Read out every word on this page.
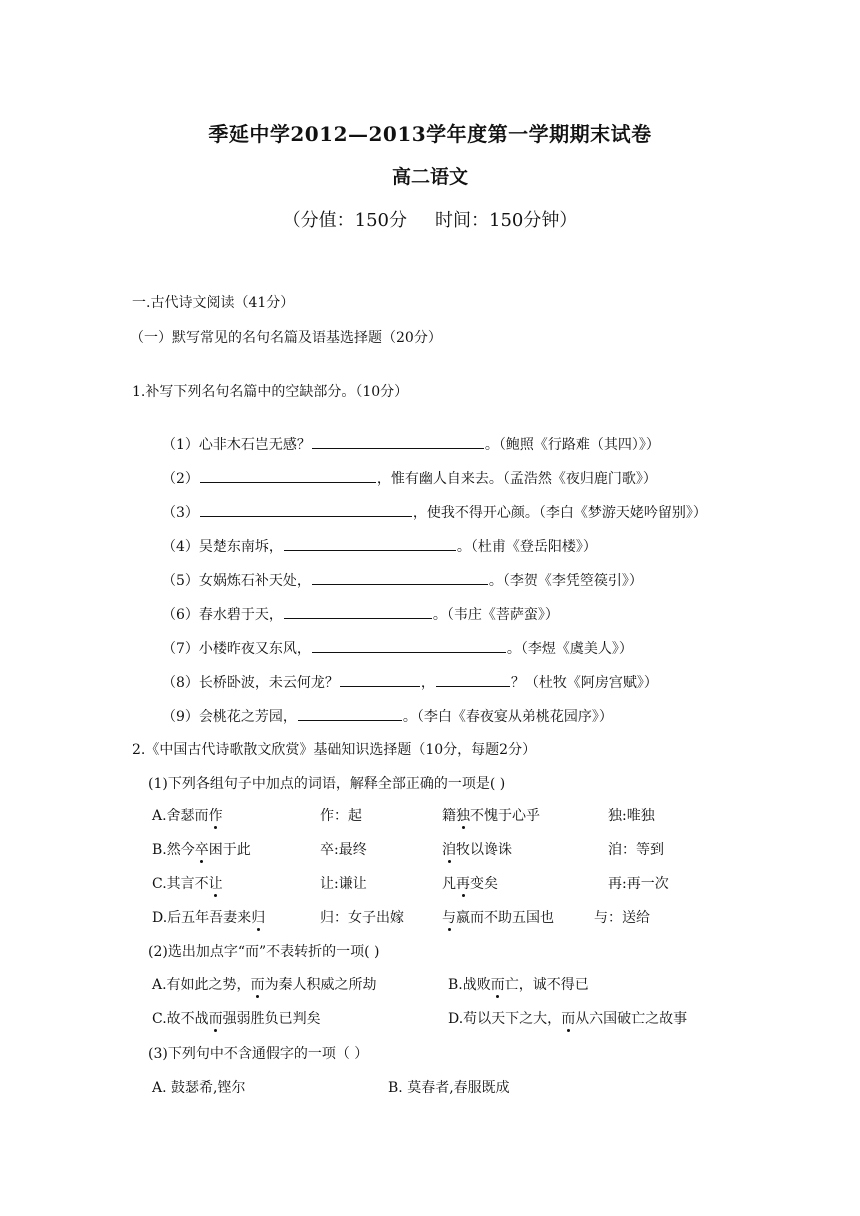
季延中学2012—2013学年度第一学期期末试卷
高二语文
（分值：150分 时间：150分钟）
一.古代诗文阅读（41分）
（一）默写常见的名句名篇及语基选择题（20分）
1.补写下列名句名篇中的空缺部分。（10分）
（1）心非木石岂无感？	。（鲍照《行路难（其四）》）
（2）	，惟有幽人自来去。（孟浩然《夜归鹿门歌》）
（3）	，使我不得开心颜。（李白《梦游天姥吟留别》）
（4）吴楚东南坼，	。（杜甫《登岳阳楼》）
（5）女娲炼石补天处，	。（李贺《李凭箜篌引》）
（6）春水碧于天，	。（韦庄《菩萨蛮》）
（7）小楼昨夜又东风，	。（李煜《虞美人》）
（8）长桥卧波，未云何龙？	，	？（杜牧《阿房宫赋》）
（9）会桃花之芳园，	。（李白《春夜宴从弟桃花园序》）
2.《中国古代诗歌散文欣赏》基础知识选择题（10分，每题2分）
(1)下列各组句子中加点的词语，解释全部正确的一项是( )
A.舍瑟而作	作：起	籍独不愧于心乎	独:唯独
B.然今卒困于此	卒:最终	洎牧以谗诛	洎：等到
C.其言不让	让:谦让	凡再变矣	再:再一次
D.后五年吾妻来归	归：女子出嫁	与嬴而不助五国也	与：送给
(2)选出加点字“而”不表转折的一项( )
A.有如此之势，而为秦人积威之所劫	B.战败而亡，诚不得已
C.故不战而强弱胜负已判矣	D.苟以天下之大，而从六国破亡之故事
(3)下列句中不含通假字的一项（ ）
A. 鼓瑟希,铿尔	B. 莫春者,春服既成
